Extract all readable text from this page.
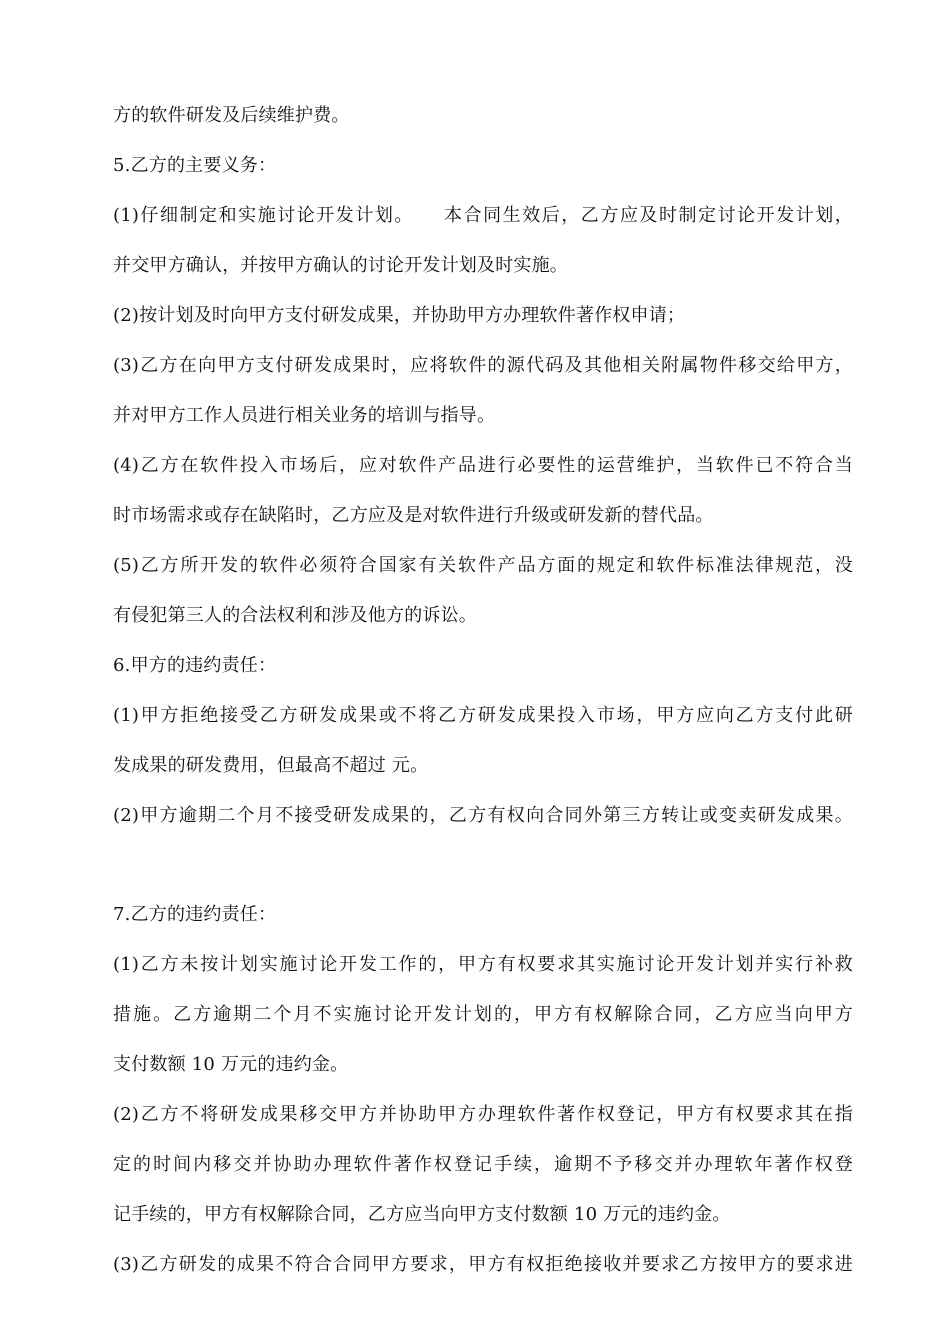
方的软件研发及后续维护费。
5.乙方的主要义务：
(1)仔细制定和实施讨论开发计划。　　本合同生效后，乙方应及时制定讨论开发计划，
并交甲方确认，并按甲方确认的讨论开发计划及时实施。
(2)按计划及时向甲方支付研发成果，并协助甲方办理软件著作权申请；
(3)乙方在向甲方支付研发成果时，应将软件的源代码及其他相关附属物件移交给甲方，
并对甲方工作人员进行相关业务的培训与指导。
(4)乙方在软件投入市场后，应对软件产品进行必要性的运营维护，当软件已不符合当
时市场需求或存在缺陷时，乙方应及是对软件进行升级或研发新的替代品。
(5)乙方所开发的软件必须符合国家有关软件产品方面的规定和软件标准法律规范，没
有侵犯第三人的合法权利和涉及他方的诉讼。
6.甲方的违约责任：
(1)甲方拒绝接受乙方研发成果或不将乙方研发成果投入市场，甲方应向乙方支付此研
发成果的研发费用，但最高不超过 元。
(2)甲方逾期二个月不接受研发成果的，乙方有权向合同外第三方转让或变卖研发成果。
7.乙方的违约责任：
(1)乙方未按计划实施讨论开发工作的，甲方有权要求其实施讨论开发计划并实行补救
措施。乙方逾期二个月不实施讨论开发计划的，甲方有权解除合同，乙方应当向甲方
支付数额 10 万元的违约金。
(2)乙方不将研发成果移交甲方并协助甲方办理软件著作权登记，甲方有权要求其在指
定的时间内移交并协助办理软件著作权登记手续，逾期不予移交并办理软年著作权登
记手续的，甲方有权解除合同，乙方应当向甲方支付数额 10 万元的违约金。
(3)乙方研发的成果不符合合同甲方要求，甲方有权拒绝接收并要求乙方按甲方的要求进
